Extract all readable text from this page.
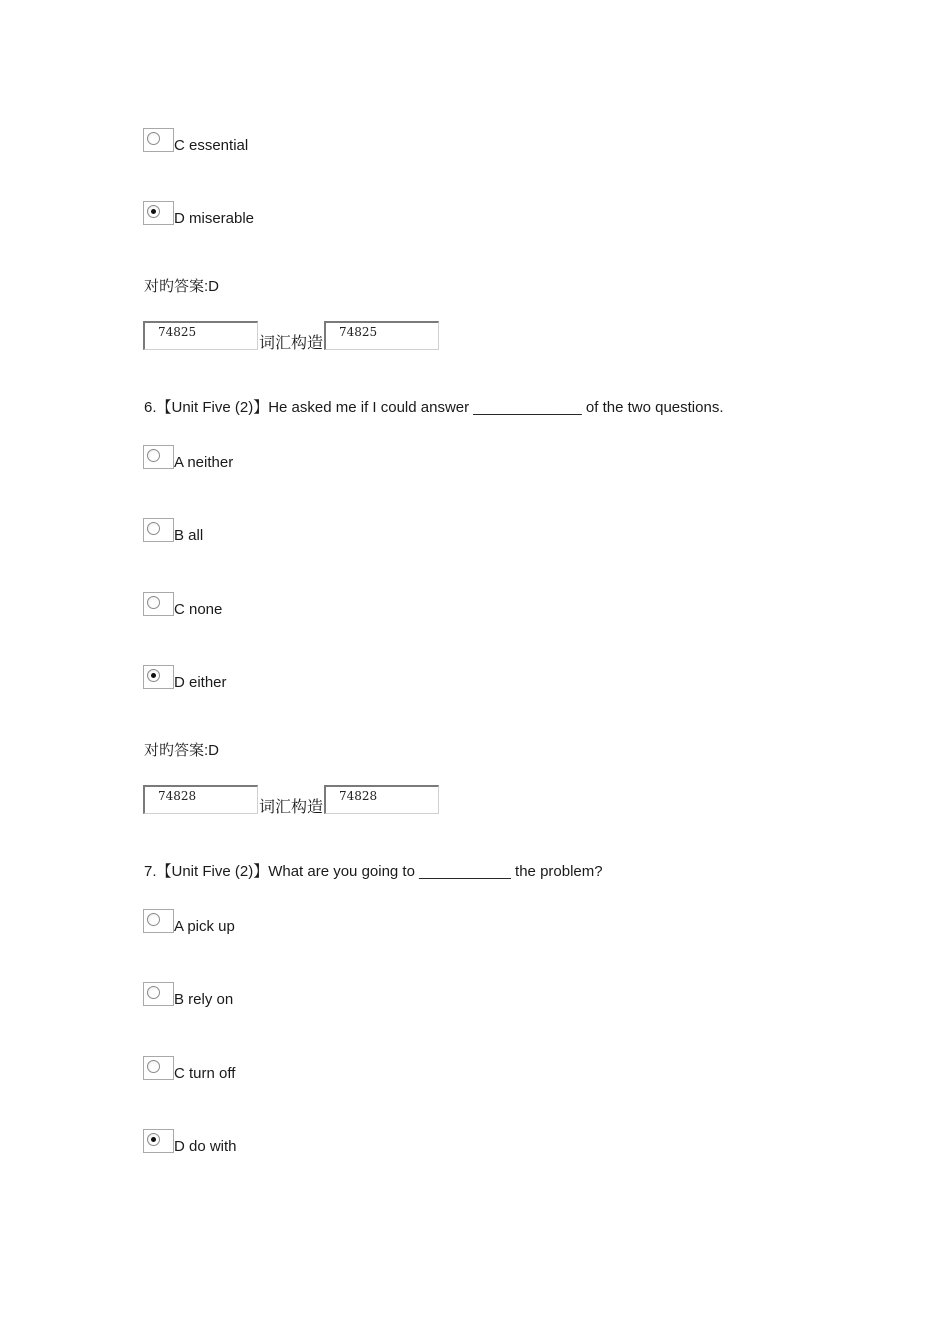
C essential
D miserable
对旳答案:D
74825
词汇构造
74825
6.【Unit Five (2)】He asked me if I could answer _____________ of the two questions.
A neither
B all
C none
D either
对旳答案:D
74828
词汇构造
74828
7.【Unit Five (2)】What are you going to ___________ the problem?
A pick up
B rely on
C turn off
D do with
